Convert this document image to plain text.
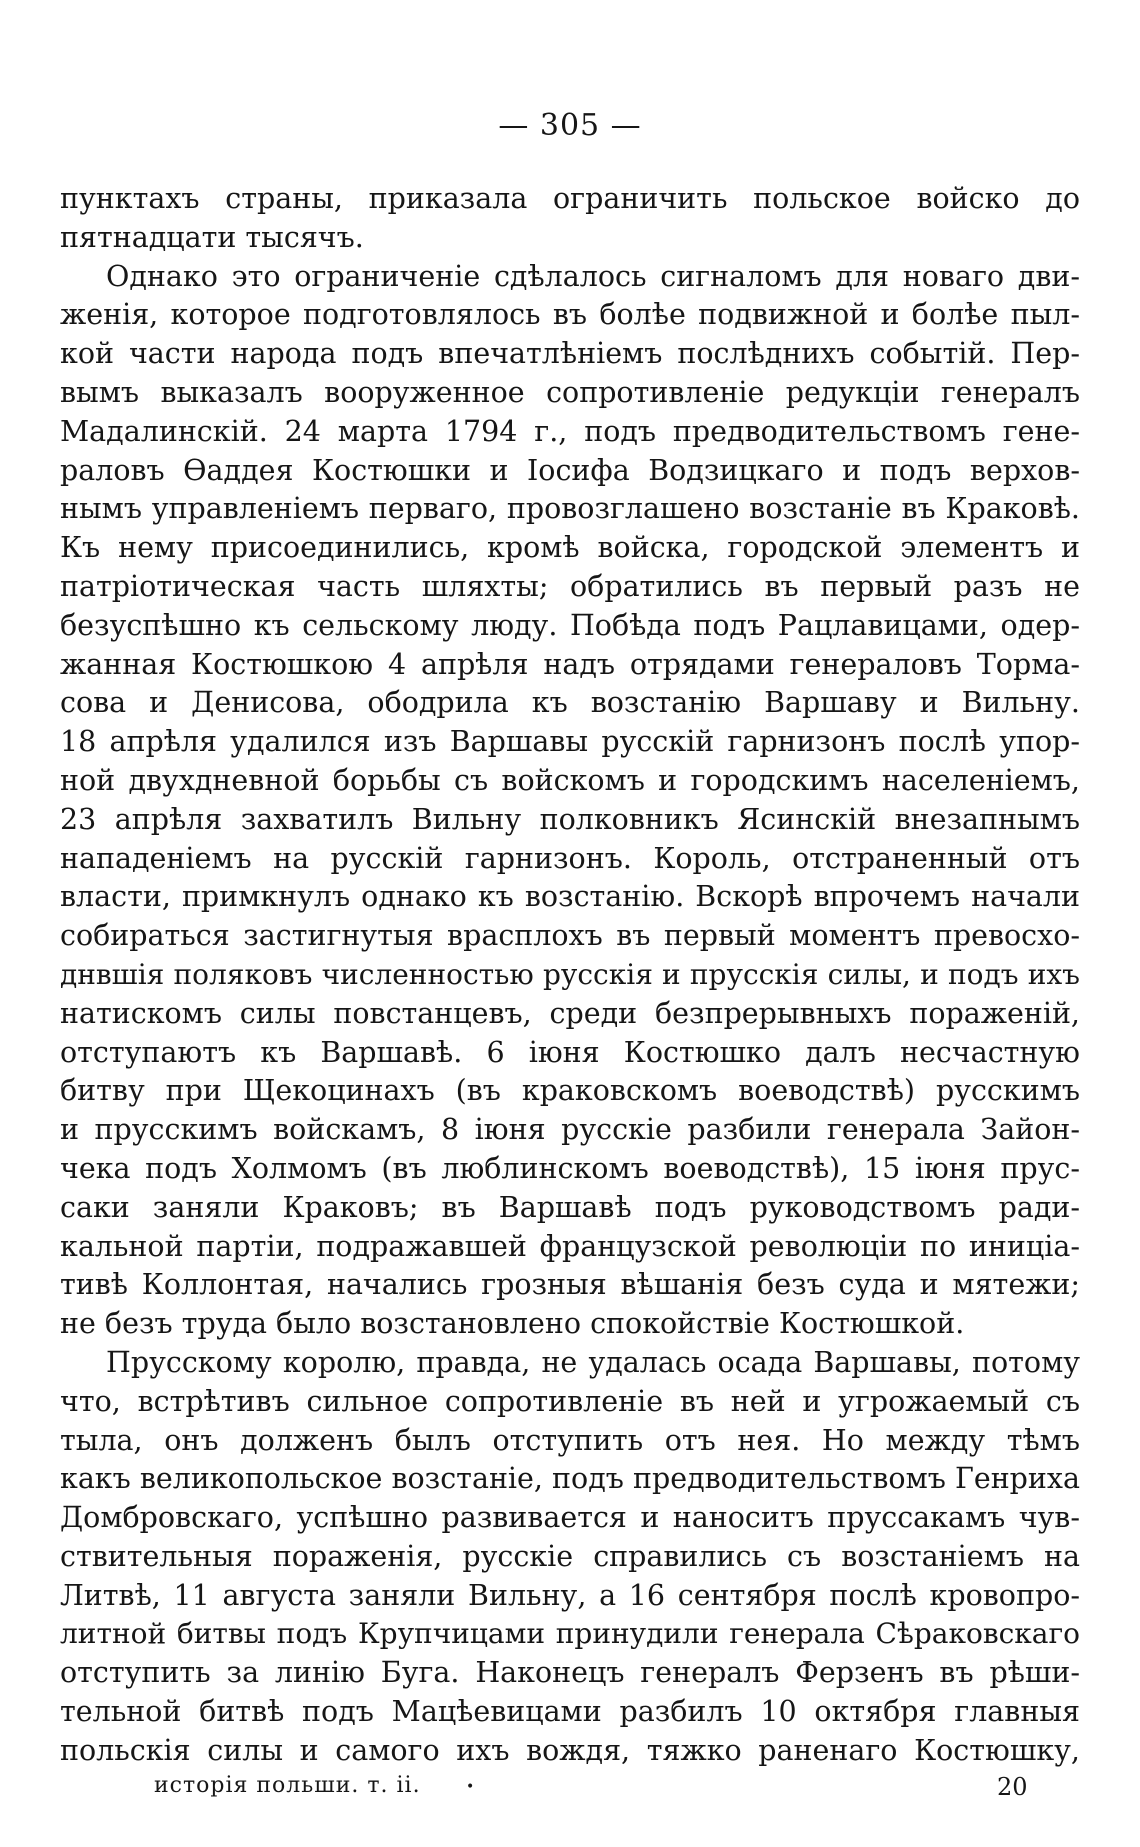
— 305 —
пунктахъ страны, приказала ограничить польское войско до
пятнадцати тысячъ.
Однако это ограниченіе сдѣлалось сигналомъ для новаго дви-
женія, которое подготовлялось въ болѣе подвижной и болѣе пыл-
кой части народа подъ впечатлѣніемъ послѣднихъ событій. Пер-
вымъ выказалъ вооруженное сопротивленіе редукціи генералъ
Мадалинскій. 24 марта 1794 г., подъ предводительствомъ гене-
раловъ Ѳаддея Костюшки и Іосифа Водзицкаго и подъ верхов-
нымъ управленіемъ перваго, провозглашено возстаніе въ Краковѣ.
Къ нему присоединились, кромѣ войска, городской элементъ и
патріотическая часть шляхты; обратились въ первый разъ не
безуспѣшно къ сельскому люду. Побѣда подъ Рацлавицами, одер-
жанная Костюшкою 4 апрѣля надъ отрядами генераловъ Торма-
сова и Денисова, ободрила къ возстанію Варшаву и Вильну.
18 апрѣля удалился изъ Варшавы русскій гарнизонъ послѣ упор-
ной двухдневной борьбы съ войскомъ и городскимъ населеніемъ,
23 апрѣля захватилъ Вильну полковникъ Ясинскій внезапнымъ
нападеніемъ на русскій гарнизонъ. Король, отстраненный отъ
власти, примкнулъ однако къ возстанію. Вскорѣ впрочемъ начали
собираться застигнутыя врасплохъ въ первый моментъ превосхо-
днвшія поляковъ численностью русскія и прусскія силы, и подъ ихъ
натискомъ силы повстанцевъ, среди безпрерывныхъ пораженій,
отступаютъ къ Варшавѣ. 6 іюня Костюшко далъ несчастную
битву при Щекоцинахъ (въ краковскомъ воеводствѣ) русскимъ
и прусскимъ войскамъ, 8 іюня русскіе разбили генерала Зайон-
чека подъ Холмомъ (въ люблинскомъ воеводствѣ), 15 іюня прус-
саки заняли Краковъ; въ Варшавѣ подъ руководствомъ ради-
кальной партіи, подражавшей французской революціи по иниціа-
тивѣ Коллонтая, начались грозныя вѣшанія безъ суда и мятежи;
не безъ труда было возстановлено спокойствіе Костюшкой.
Прусскому королю, правда, не удалась осада Варшавы, потому
что, встрѣтивъ сильное сопротивленіе въ ней и угрожаемый съ
тыла, онъ долженъ былъ отступить отъ нея. Но между тѣмъ
какъ великопольское возстаніе, подъ предводительствомъ Генриха
Домбровскаго, успѣшно развивается и наноситъ пруссакамъ чув-
ствительныя пораженія, русскіе справились съ возстаніемъ на
Литвѣ, 11 августа заняли Вильну, а 16 сентября послѣ кровопро-
литной битвы подъ Крупчицами принудили генерала Сѣраковскаго
отступить за линію Буга. Наконецъ генералъ Ферзенъ въ рѣши-
тельной битвѣ подъ Мацѣевицами разбилъ 10 октября главныя
польскія силы и самого ихъ вождя, тяжко раненаго Костюшку,
исторія польши. т. ii.	•	20
